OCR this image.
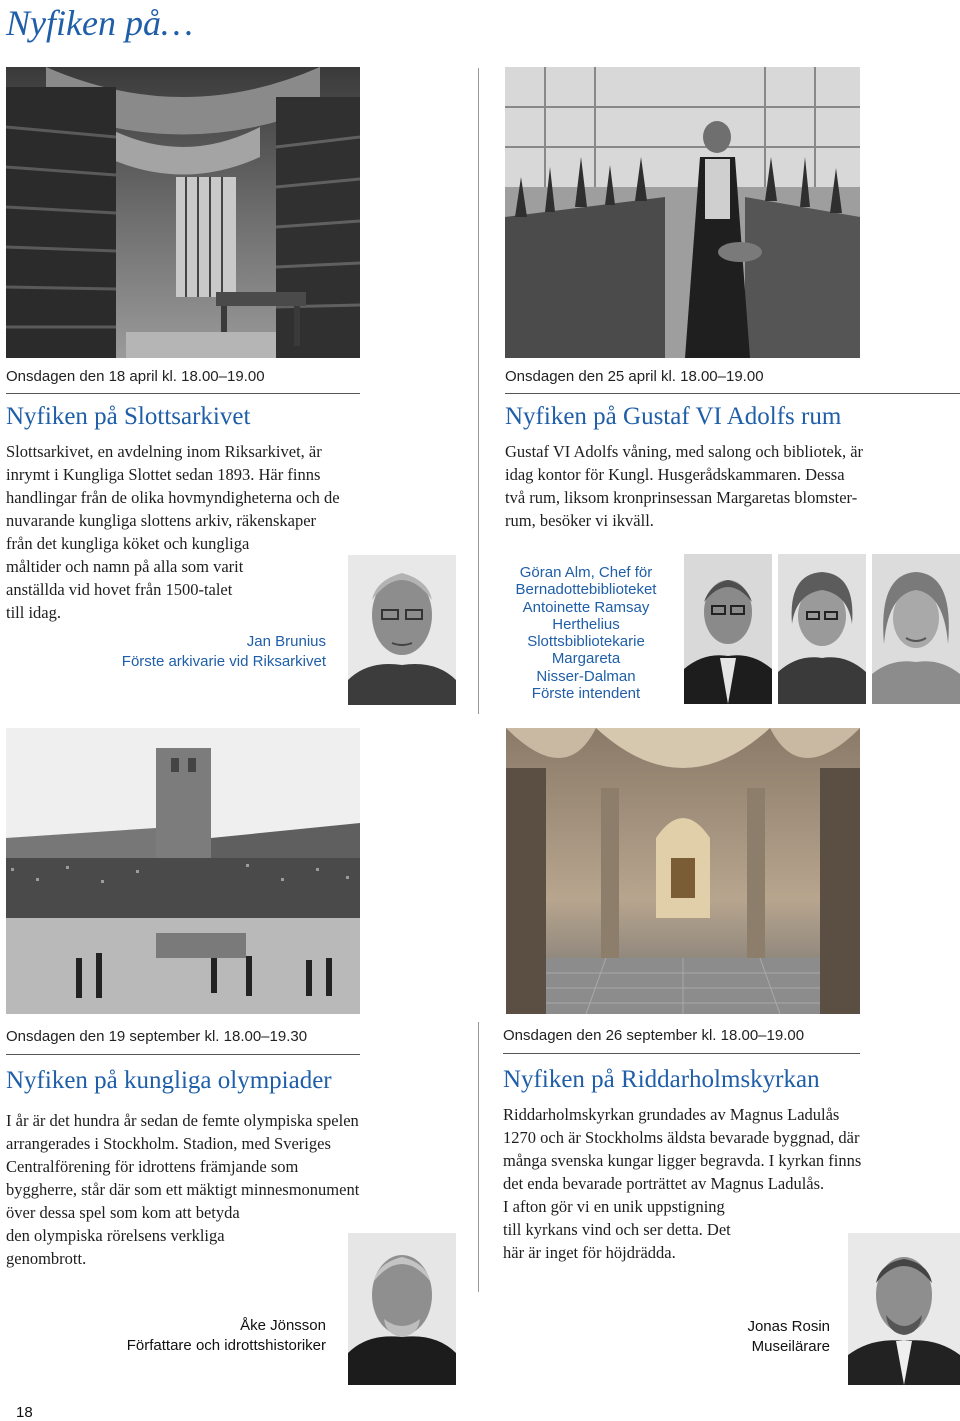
Nyfiken på…
Onsdagen den 18 april kl. 18.00–19.00
Nyfiken på Slottsarkivet
Slottsarkivet, en avdelning inom Riksarkivet, är
inrymt i Kungliga Slottet sedan 1893. Här finns
handlingar från de olika hovmyndigheterna och de
nuvarande kungliga slottens arkiv, räkenskaper
från det kungliga köket och kungliga
måltider och namn på alla som varit
anställda vid hovet från 1500-talet
till idag.
Jan Brunius
Förste arkivarie vid Riksarkivet
Onsdagen den 25 april kl. 18.00–19.00
Nyfiken på Gustaf VI Adolfs rum
Gustaf VI Adolfs våning, med salong och bibliotek, är
idag kontor för Kungl. Husgerådskammaren. Dessa
två rum, liksom kronprinsessan Margaretas blomster-
rum, besöker vi ikväll.
Göran Alm, Chef för
Bernadottebiblioteket
Antoinette Ramsay
Herthelius
Slottsbibliotekarie
Margareta
Nisser-Dalman
Förste intendent
Onsdagen den 19 september kl. 18.00–19.30
Nyfiken på kungliga olympiader
I år är det hundra år sedan de femte olympiska spelen
arrangerades i Stockholm. Stadion, med Sveriges
Centralförening för idrottens främjande som
byggherre, står där som ett mäktigt minnesmonument
över dessa spel som kom att betyda
den olympiska rörelsens verkliga
genombrott.
Åke Jönsson
Författare och idrottshistoriker
Onsdagen den 26 september kl. 18.00–19.00
Nyfiken på Riddarholmskyrkan
Riddarholmskyrkan grundades av Magnus Ladulås
1270 och är Stockholms äldsta bevarade byggnad, där
många svenska kungar ligger begravda. I kyrkan finns
det enda bevarade porträttet av Magnus Ladulås.
I afton gör vi en unik uppstigning
till kyrkans vind och ser detta. Det
här är inget för höjdrädda.
Jonas Rosin
Museilärare
18
